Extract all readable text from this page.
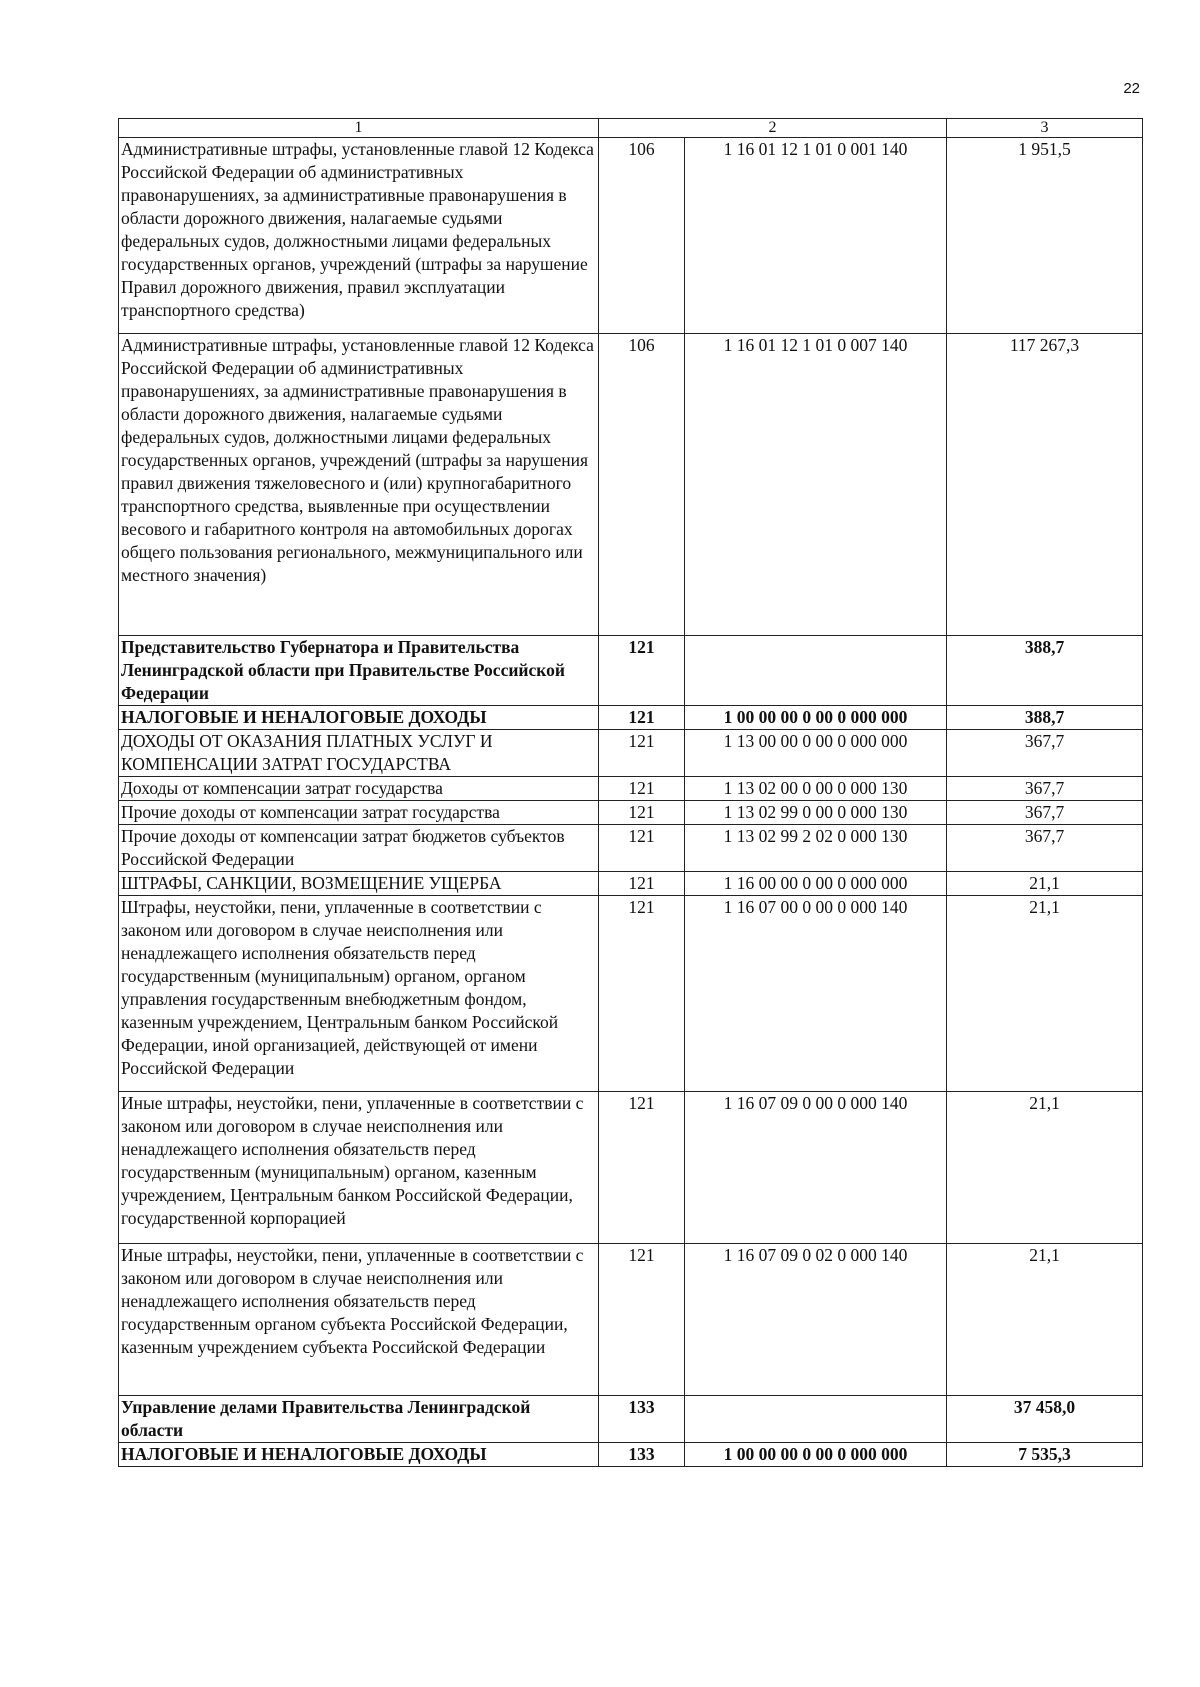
22
1	2		3
Административные штрафы, установленные главой 12 Кодекса Российской Федерации об административных правонарушениях, за административные правонарушения в области дорожного движения, налагаемые судьями федеральных судов, должностными лицами федеральных государственных органов, учреждений (штрафы за нарушение Правил дорожного движения, правил эксплуатации транспортного средства)	106	1 16 01 12 1 01 0 001 140	1 951,5
Административные штрафы, установленные главой 12 Кодекса Российской Федерации об административных правонарушениях, за административные правонарушения в области дорожного движения, налагаемые судьями федеральных судов, должностными лицами федеральных государственных органов, учреждений (штрафы за нарушения правил движения тяжеловесного и (или) крупногабаритного транспортного средства, выявленные при осуществлении весового и габаритного контроля на автомобильных дорогах общего пользования регионального, межмуниципального или местного значения)	106	1 16 01 12 1 01 0 007 140	117 267,3
Представительство Губернатора и Правительства Ленинградской области при Правительстве Российской Федерации	121		388,7
НАЛОГОВЫЕ И НЕНАЛОГОВЫЕ ДОХОДЫ	121	1 00 00 00 0 00 0 000 000	388,7
ДОХОДЫ ОТ ОКАЗАНИЯ ПЛАТНЫХ УСЛУГ И КОМПЕНСАЦИИ ЗАТРАТ ГОСУДАРСТВА	121	1 13 00 00 0 00 0 000 000	367,7
Доходы от компенсации затрат государства	121	1 13 02 00 0 00 0 000 130	367,7
Прочие доходы от компенсации затрат государства	121	1 13 02 99 0 00 0 000 130	367,7
Прочие доходы от компенсации затрат бюджетов субъектов Российской Федерации	121	1 13 02 99 2 02 0 000 130	367,7
ШТРАФЫ, САНКЦИИ, ВОЗМЕЩЕНИЕ УЩЕРБА	121	1 16 00 00 0 00 0 000 000	21,1
Штрафы, неустойки, пени, уплаченные в соответствии с законом или договором в случае неисполнения или ненадлежащего исполнения обязательств перед государственным (муниципальным) органом, органом управления государственным внебюджетным фондом, казенным учреждением, Центральным банком Российской Федерации, иной организацией, действующей от имени Российской Федерации	121	1 16 07 00 0 00 0 000 140	21,1
Иные штрафы, неустойки, пени, уплаченные в соответствии с законом или договором в случае неисполнения или ненадлежащего исполнения обязательств перед государственным (муниципальным) органом, казенным учреждением, Центральным банком Российской Федерации, государственной корпорацией	121	1 16 07 09 0 00 0 000 140	21,1
Иные штрафы, неустойки, пени, уплаченные в соответствии с законом или договором в случае неисполнения или ненадлежащего исполнения обязательств перед государственным органом субъекта Российской Федерации, казенным учреждением субъекта Российской Федерации	121	1 16 07 09 0 02 0 000 140	21,1
Управление делами Правительства Ленинградской области	133		37 458,0
НАЛОГОВЫЕ И НЕНАЛОГОВЫЕ ДОХОДЫ	133	1 00 00 00 0 00 0 000 000	7 535,3
